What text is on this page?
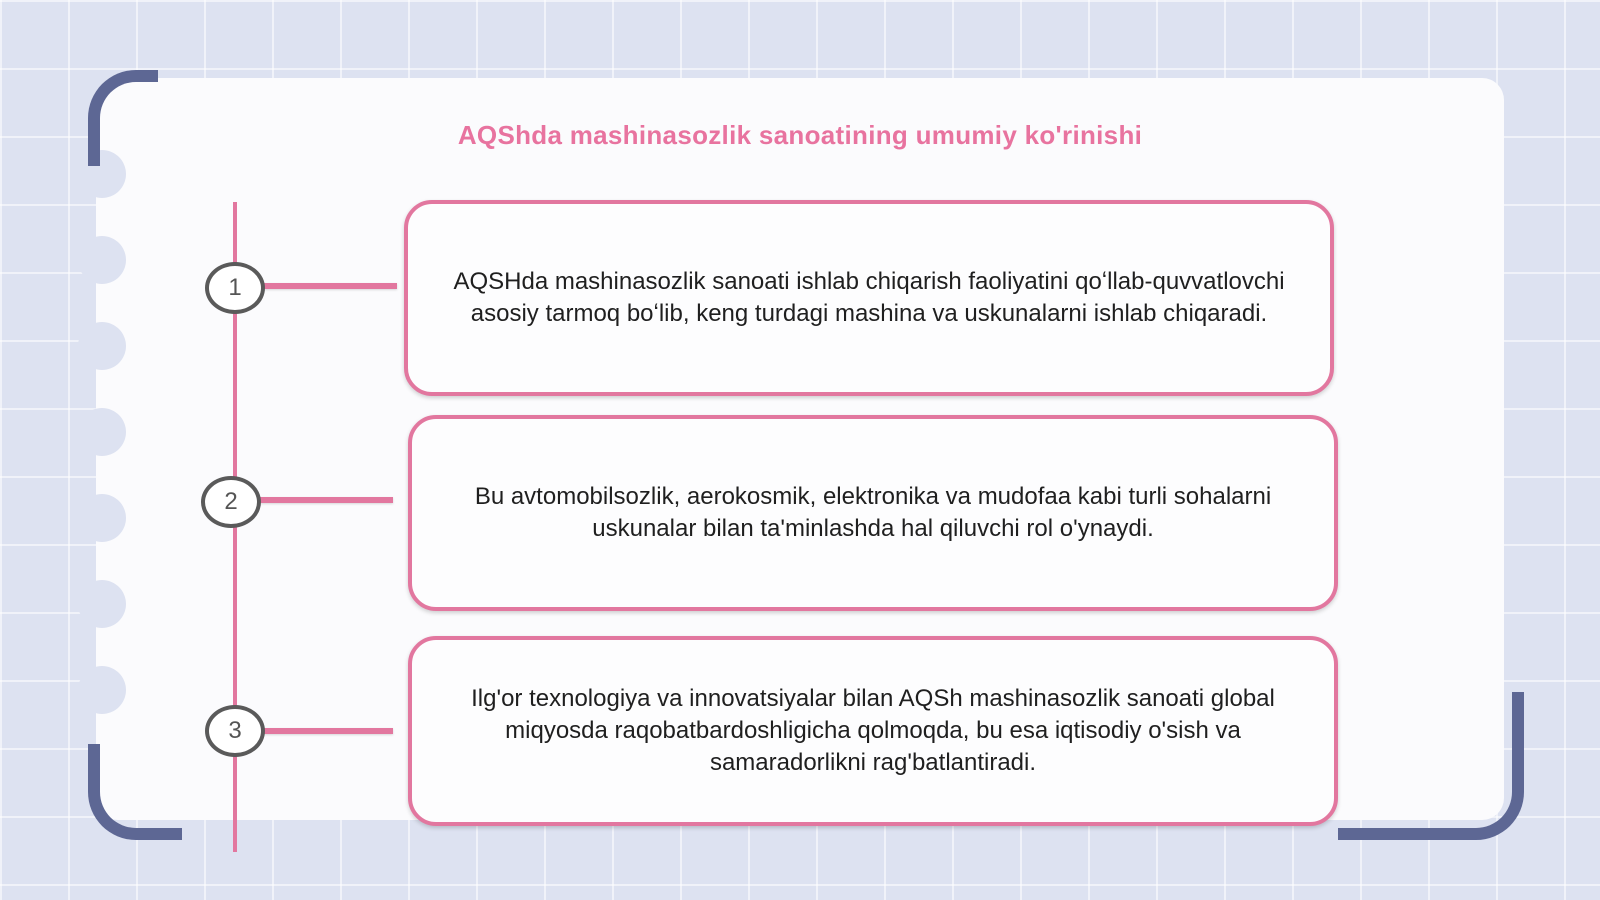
AQShda mashinasozlik sanoatining umumiy ko'rinishi
1
2
3

AQSHda mashinasozlik sanoati ishlab chiqarish faoliyatini qoʻllab-quvvatlovchi asosiy tarmoq boʻlib, keng turdagi mashina va uskunalarni ishlab chiqaradi.

Bu avtomobilsozlik, aerokosmik, elektronika va mudofaa kabi turli sohalarni uskunalar bilan ta'minlashda hal qiluvchi rol o'ynaydi.

Ilg'or texnologiya va innovatsiyalar bilan AQSh mashinasozlik sanoati global miqyosda raqobatbardoshligicha qolmoqda, bu esa iqtisodiy o'sish va samaradorlikni rag'batlantiradi.
